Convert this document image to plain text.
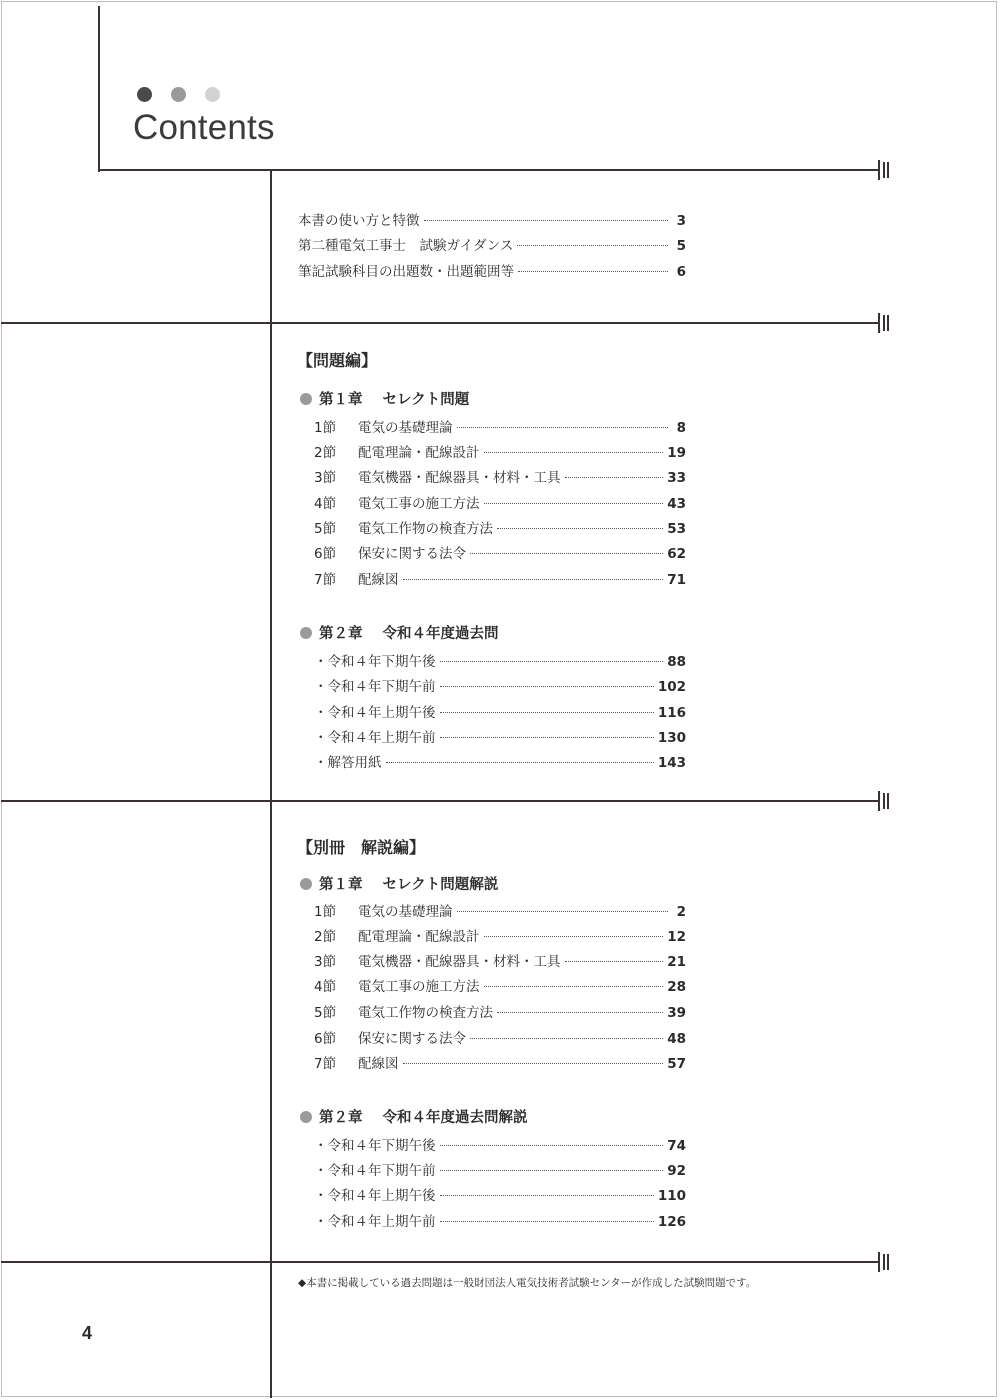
Contents
本書の使い方と特徴	3
第二種電気工事士　試験ガイダンス	5
筆記試験科目の出題数・出題範囲等	6
【問題編】
第１章 セレクト問題
1節	電気の基礎理論	8
2節	配電理論・配線設計	19
3節	電気機器・配線器具・材料・工具	33
4節	電気工事の施工方法	43
5節	電気工作物の検査方法	53
6節	保安に関する法令	62
7節	配線図	71
第２章 令和４年度過去問
・令和４年下期午後	88
・令和４年下期午前	102
・令和４年上期午後	116
・令和４年上期午前	130
・解答用紙	143
【別冊　解説編】
第１章 セレクト問題解説
1節	電気の基礎理論	2
2節	配電理論・配線設計	12
3節	電気機器・配線器具・材料・工具	21
4節	電気工事の施工方法	28
5節	電気工作物の検査方法	39
6節	保安に関する法令	48
7節	配線図	57
第２章 令和４年度過去問解説
・令和４年下期午後	74
・令和４年下期午前	92
・令和４年上期午後	110
・令和４年上期午前	126
◆本書に掲載している過去問題は一般財団法人電気技術者試験センターが作成した試験問題です。
4
